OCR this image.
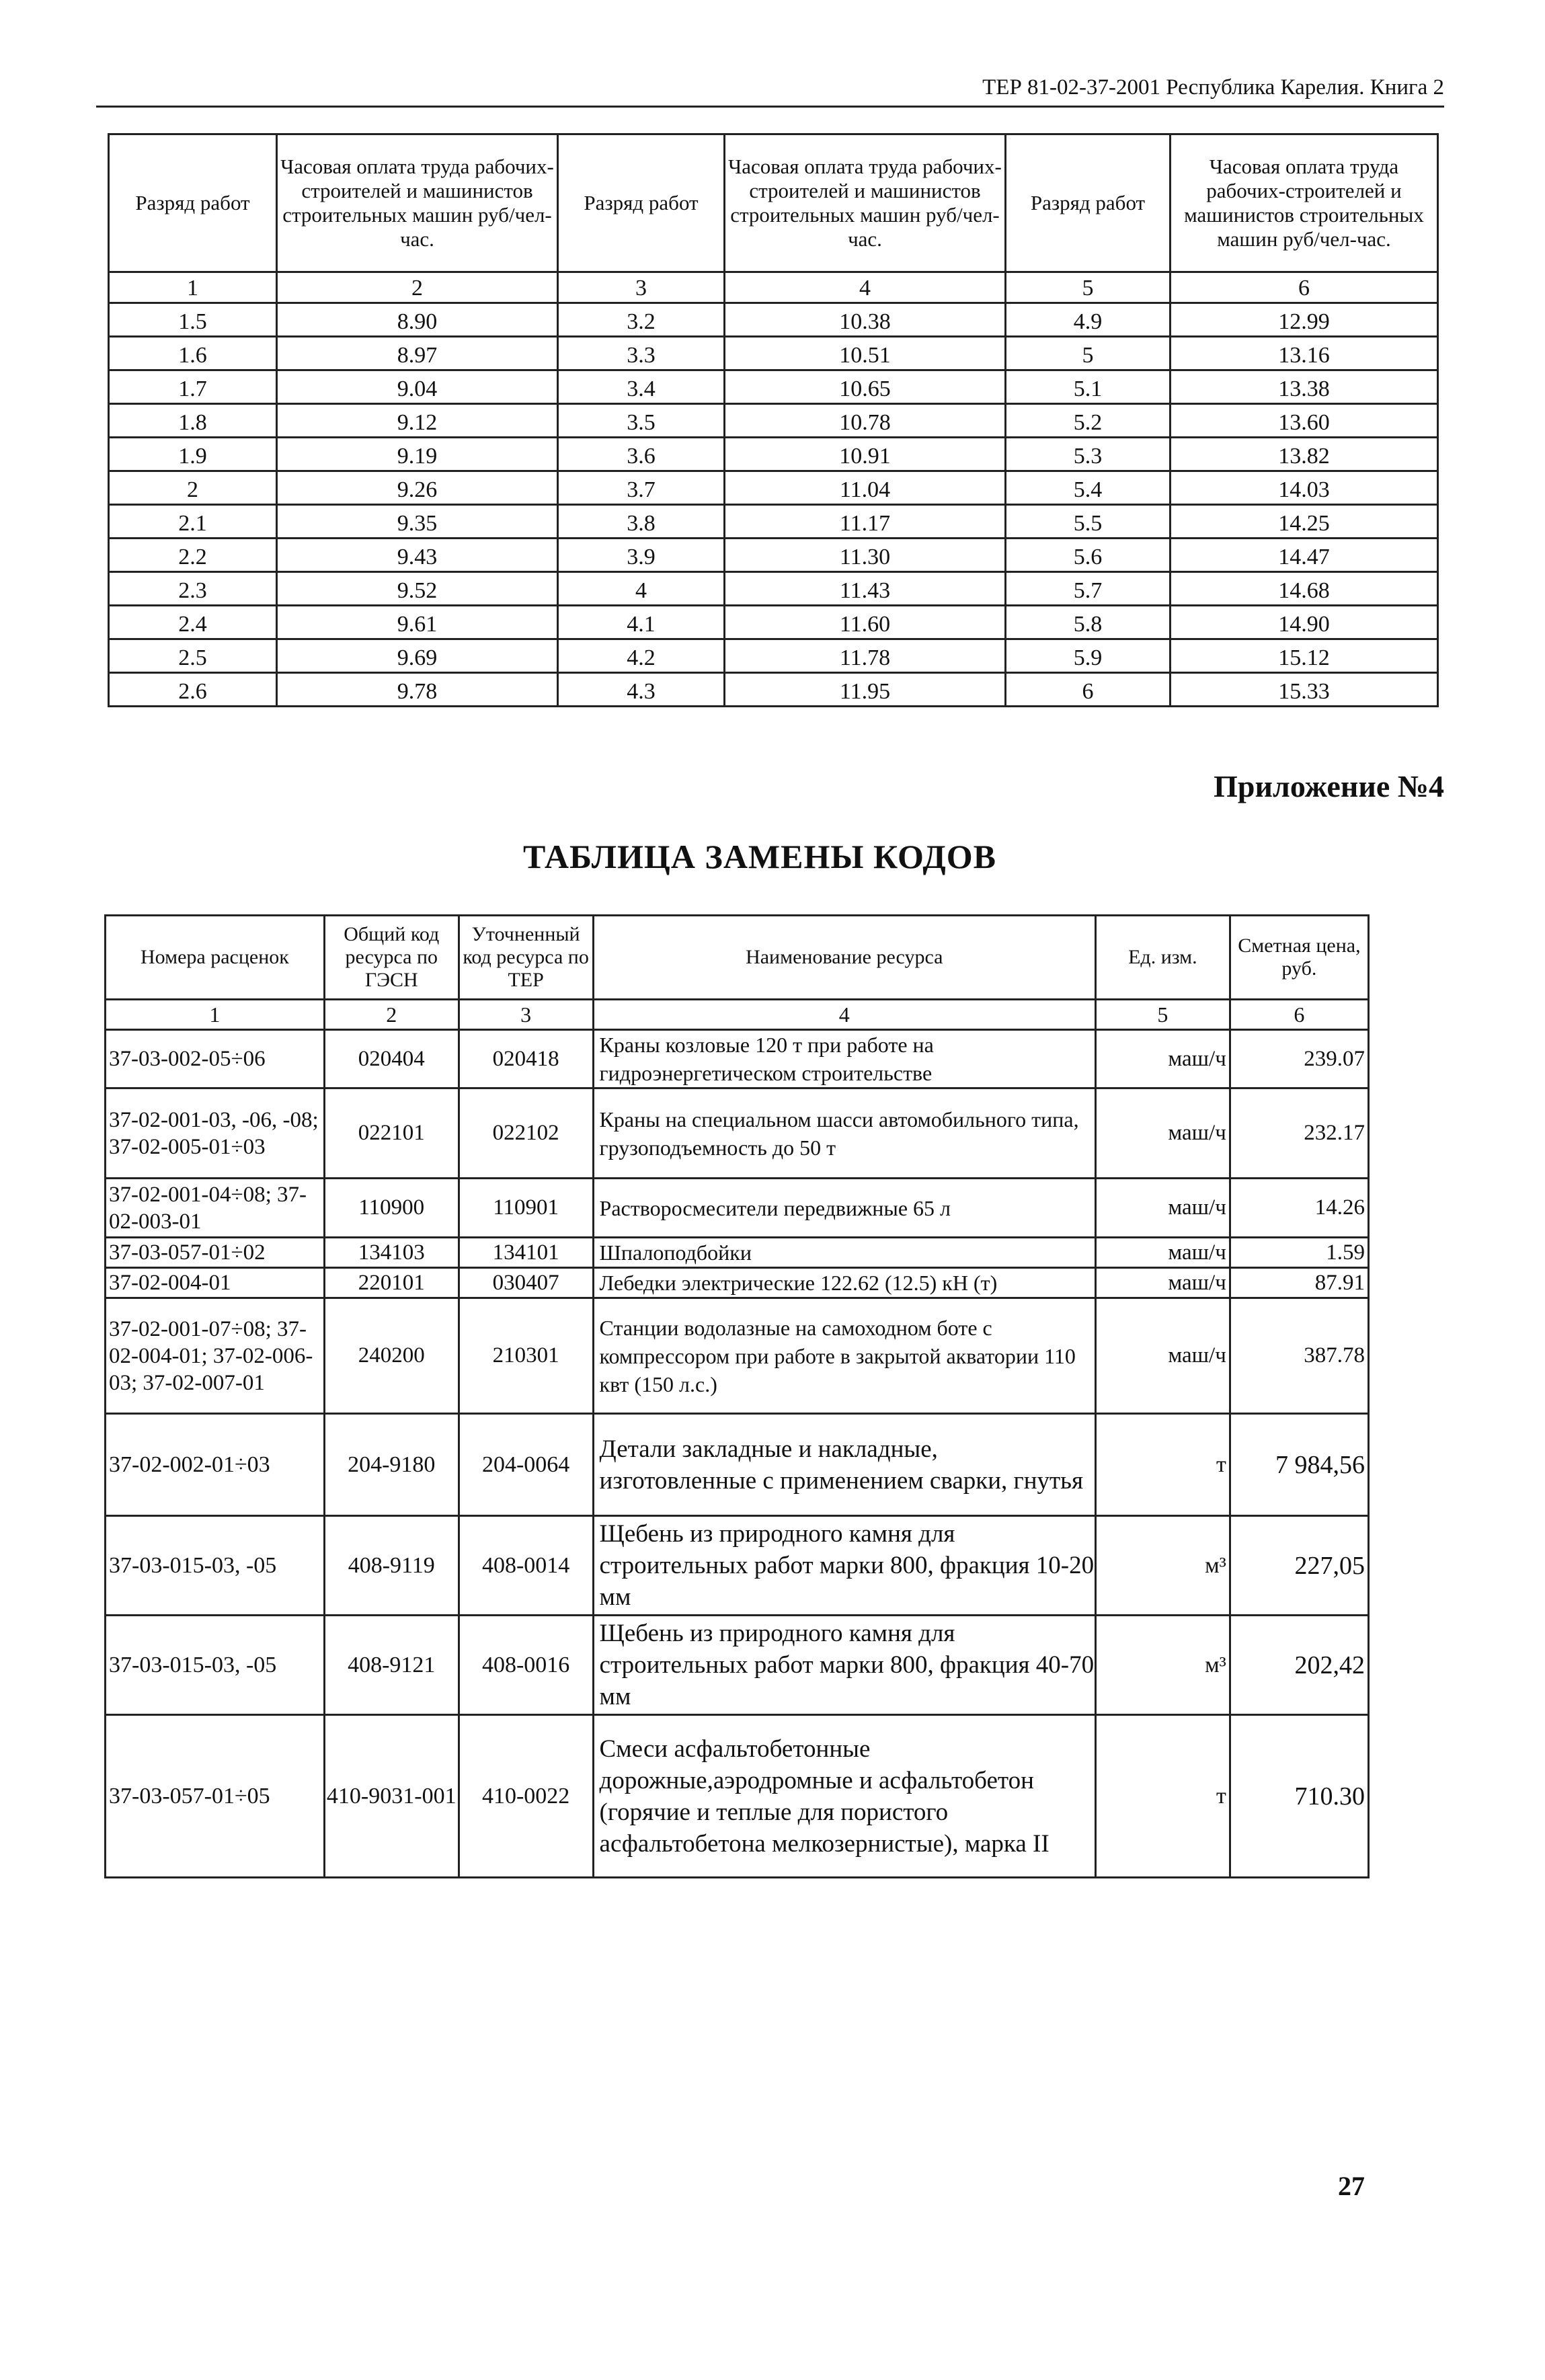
ТЕР 81-02-37-2001 Республика Карелия. Книга 2
Разряд работ	Часовая оплата труда рабочих-строителей и машинистов строительных машин руб/чел-час.	Разряд работ	Часовая оплата труда рабочих-строителей и машинистов строительных машин руб/чел-час.	Разряд работ	Часовая оплата труда рабочих-строителей и машинистов строительных машин руб/чел-час.
1	2	3	4	5	6
1.5	8.90	3.2	10.38	4.9	12.99
1.6	8.97	3.3	10.51	5	13.16
1.7	9.04	3.4	10.65	5.1	13.38
1.8	9.12	3.5	10.78	5.2	13.60
1.9	9.19	3.6	10.91	5.3	13.82
2	9.26	3.7	11.04	5.4	14.03
2.1	9.35	3.8	11.17	5.5	14.25
2.2	9.43	3.9	11.30	5.6	14.47
2.3	9.52	4	11.43	5.7	14.68
2.4	9.61	4.1	11.60	5.8	14.90
2.5	9.69	4.2	11.78	5.9	15.12
2.6	9.78	4.3	11.95	6	15.33
Приложение №4
ТАБЛИЦА ЗАМЕНЫ КОДОВ
Номера расценок	Общий код ресурса по ГЭСН	Уточненный код ресурса по ТЕР	Наименование ресурса	Ед. изм.	Сметная цена, руб.
1	2	3	4	5	6
37-03-002-05÷06	020404	020418	Краны козловые 120 т при работе на гидроэнергетическом строительстве	маш/ч	239.07
37-02-001-03, -06, -08; 37-02-005-01÷03	022101	022102	Краны на специальном шасси автомобильного типа, грузоподъемность до 50 т	маш/ч	232.17
37-02-001-04÷08; 37-02-003-01	110900	110901	Растворосмесители передвижные 65 л	маш/ч	14.26
37-03-057-01÷02	134103	134101	Шпалоподбойки	маш/ч	1.59
37-02-004-01	220101	030407	Лебедки электрические 122.62 (12.5) кН (т)	маш/ч	87.91
37-02-001-07÷08; 37-02-004-01; 37-02-006-03; 37-02-007-01	240200	210301	Станции водолазные на самоходном боте с компрессором при работе в закрытой акватории 110 квт (150 л.с.)	маш/ч	387.78
37-02-002-01÷03	204-9180	204-0064	Детали закладные и накладные, изготовленные с применением сварки, гнутья	т	7 984,56
37-03-015-03, -05	408-9119	408-0014	Щебень из природного камня для строительных работ марки 800, фракция 10-20 мм	м³	227,05
37-03-015-03, -05	408-9121	408-0016	Щебень из природного камня для строительных работ марки 800, фракция 40-70 мм	м³	202,42
37-03-057-01÷05	410-9031-001	410-0022	Смеси асфальтобетонные дорожные,аэродромные и асфальтобетон (горячие и теплые для пористого асфальтобетона мелкозернистые), марка II	т	710.30
27
